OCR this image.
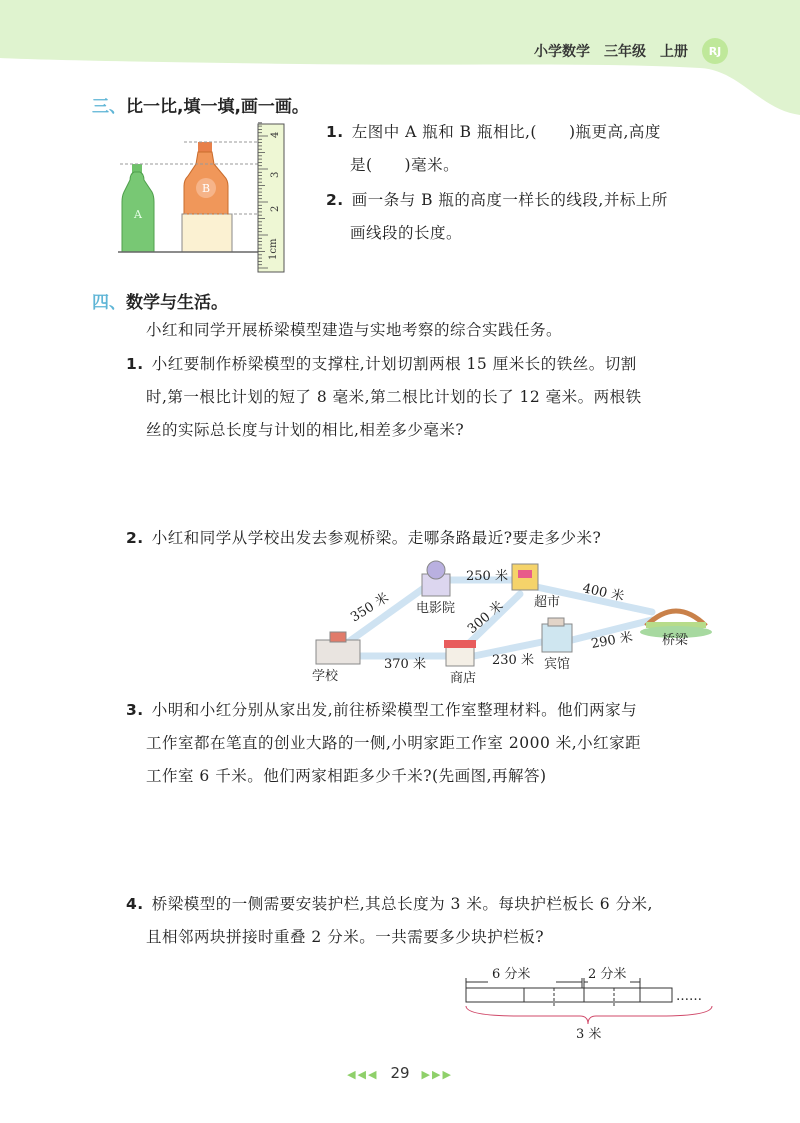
小学数学 三年级 上册	RJ
三、比一比,填一填,画一画。
A
B
1cm
2
3
4	1. 左图中 A 瓶和 B 瓶相比,(　　)瓶更高,高度
是(　　)毫米。
2. 画一条与 B 瓶的高度一样长的线段,并标上所
画线段的长度。
四、数学与生活。
小红和同学开展桥梁模型建造与实地考察的综合实践任务。
1. 小红要制作桥梁模型的支撑柱,计划切割两根 15 厘米长的铁丝。切割
时,第一根比计划的短了 8 毫米,第二根比计划的长了 12 毫米。两根铁
丝的实际总长度与计划的相比,相差多少毫米?
2. 小红和同学从学校出发去参观桥梁。走哪条路最近?要走多少米?
学校
电影院	超市
商店
宾馆
桥梁
350 米
250 米
300 米
400 米
370 米	230 米
290 米
3. 小明和小红分别从家出发,前往桥梁模型工作室整理材料。他们两家与
工作室都在笔直的创业大路的一侧,小明家距工作室 2000 米,小红家距
工作室 6 千米。他们两家相距多少千米?(先画图,再解答)
4. 桥梁模型的一侧需要安装护栏,其总长度为 3 米。每块护栏板长 6 分米,
且相邻两块拼接时重叠 2 分米。一共需要多少块护栏板?
6 分米	2 分米
……
3 米
◀◀◀ 29 ▶▶▶
